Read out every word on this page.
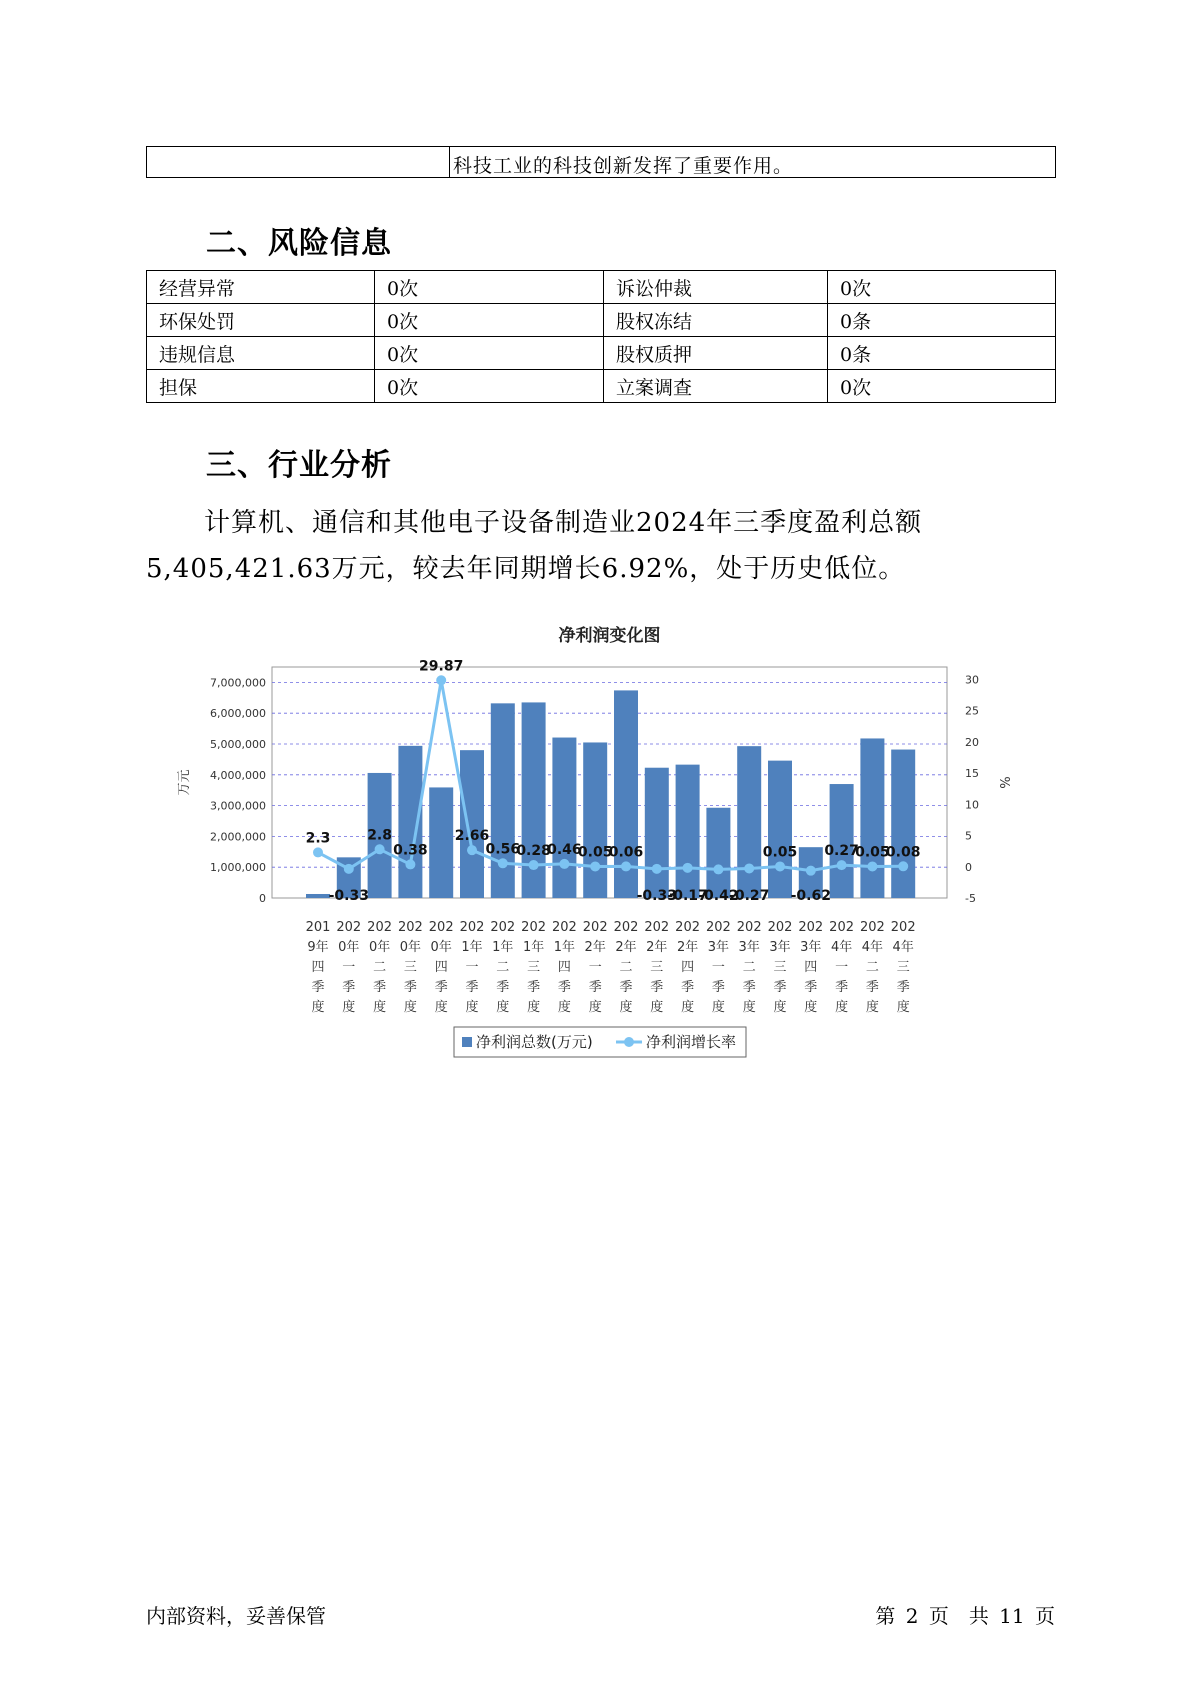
科技工业的科技创新发挥了重要作用。
二、风险信息
经营异常	0次	诉讼仲裁	0次
环保处罚	0次	股权冻结	0条
违规信息	0次	股权质押	0条
担保	0次	立案调查	0次
三、行业分析
计算机、通信和其他电子设备制造业2024年三季度盈利总额
5,405,421.63万元，较去年同期增长6.92%，处于历史低位。
净利润变化图
0
1,000,000
2,000,000
3,000,000
4,000,000
5,000,000
6,000,000
7,000,000
-5
0
5
10
15
20
25
30
万元	%
2.3
-0.33
2.8
0.38
29.87
2.66
0.56
0.28
0.46
0.05
0.06
-0.33
-0.17
-0.42
-0.27
0.05
-0.62
0.27
0.05
0.08
201 9年四季度
202 0年一季度
202 0年二季度
202 0年三季度
202 0年四季度
202 1年一季度
202 1年二季度
202 1年三季度
202 1年四季度
202 2年一季度
202 2年二季度
202 2年三季度
202 2年四季度
202 3年一季度
202 3年二季度
202 3年三季度
202 3年四季度
202 4年一季度
202 4年二季度
202 4年三季度
净利润总数(万元)	净利润增长率
内部资料，妥善保管	第 2 页　共 11 页
